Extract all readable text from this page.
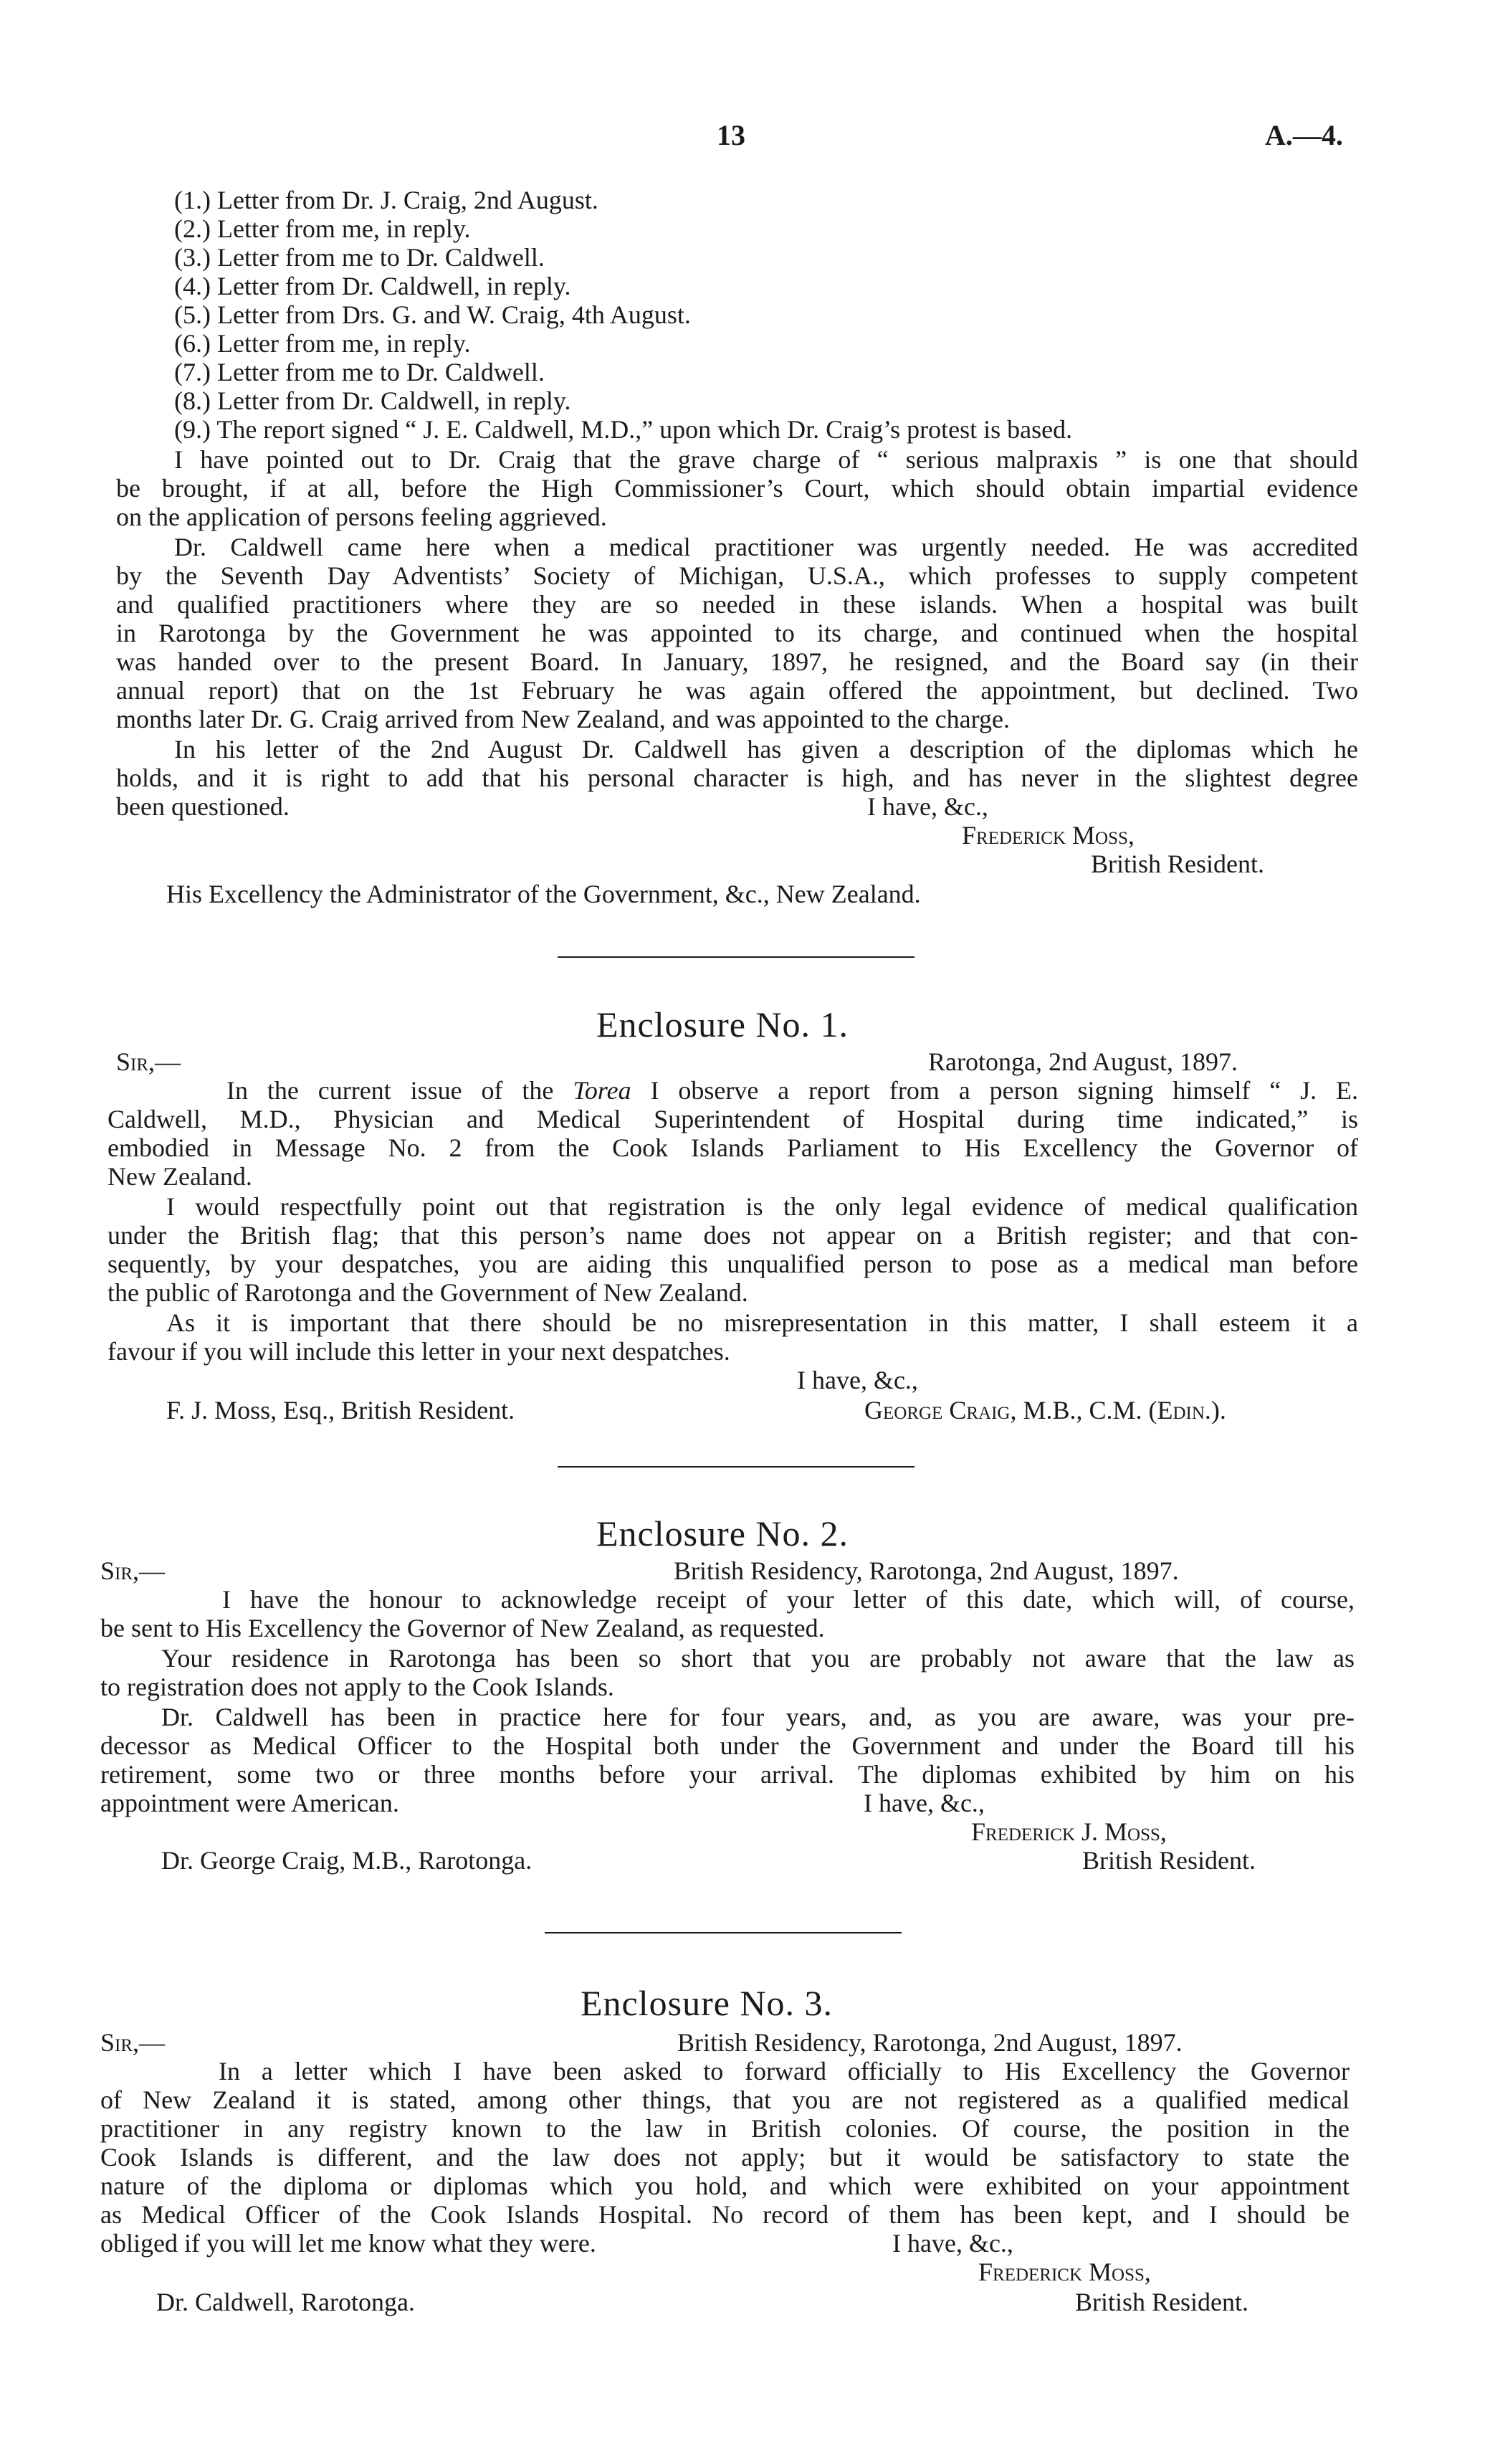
13	A.—4.
(1.) Letter from Dr. J. Craig, 2nd August.
(2.) Letter from me, in reply.
(3.) Letter from me to Dr. Caldwell.
(4.) Letter from Dr. Caldwell, in reply.
(5.) Letter from Drs. G. and W. Craig, 4th August.
(6.) Letter from me, in reply.
(7.) Letter from me to Dr. Caldwell.
(8.) Letter from Dr. Caldwell, in reply.
(9.) The report signed “ J. E. Caldwell, M.D.,” upon which Dr. Craig’s protest is based.
I have pointed out to Dr. Craig that the grave charge of “ serious malpraxis ” is one that should
be brought, if at all, before the High Commissioner’s Court, which should obtain impartial evidence
on the application of persons feeling aggrieved.
Dr. Caldwell came here when a medical practitioner was urgently needed. He was accredited
by the Seventh Day Adventists’ Society of Michigan, U.S.A., which professes to supply competent
and qualified practitioners where they are so needed in these islands. When a hospital was built
in Rarotonga by the Government he was appointed to its charge, and continued when the hospital
was handed over to the present Board. In January, 1897, he resigned, and the Board say (in their
annual report) that on the 1st February he was again offered the appointment, but declined. Two
months later Dr. G. Craig arrived from New Zealand, and was appointed to the charge.
In his letter of the 2nd August Dr. Caldwell has given a description of the diplomas which he
holds, and it is right to add that his personal character is high, and has never in the slightest degree
been questioned.	I have, &c.,
Frederick Moss,
British Resident.
His Excellency the Administrator of the Government, &c., New Zealand.
Enclosure No. 1.
Sir,—	Rarotonga, 2nd August, 1897.
In the current issue of the Torea I observe a report from a person signing himself “ J. E.
Caldwell, M.D., Physician and Medical Superintendent of Hospital during time indicated,” is
embodied in Message No. 2 from the Cook Islands Parliament to His Excellency the Governor of
New Zealand.
I would respectfully point out that registration is the only legal evidence of medical qualification
under the British flag; that this person’s name does not appear on a British register; and that con-
sequently, by your despatches, you are aiding this unqualified person to pose as a medical man before
the public of Rarotonga and the Government of New Zealand.
As it is important that there should be no misrepresentation in this matter, I shall esteem it a
favour if you will include this letter in your next despatches.
I have, &c.,
F. J. Moss, Esq., British Resident.	George Craig, M.B., C.M. (Edin.).
Enclosure No. 2.
Sir,—	British Residency, Rarotonga, 2nd August, 1897.
I have the honour to acknowledge receipt of your letter of this date, which will, of course,
be sent to His Excellency the Governor of New Zealand, as requested.
Your residence in Rarotonga has been so short that you are probably not aware that the law as
to registration does not apply to the Cook Islands.
Dr. Caldwell has been in practice here for four years, and, as you are aware, was your pre-
decessor as Medical Officer to the Hospital both under the Government and under the Board till his
retirement, some two or three months before your arrival. The diplomas exhibited by him on his
appointment were American.	I have, &c.,
Frederick J. Moss,
British Resident.
Dr. George Craig, M.B., Rarotonga.
Enclosure No. 3.
Sir,—	British Residency, Rarotonga, 2nd August, 1897.
In a letter which I have been asked to forward officially to His Excellency the Governor
of New Zealand it is stated, among other things, that you are not registered as a qualified medical
practitioner in any registry known to the law in British colonies. Of course, the position in the
Cook Islands is different, and the law does not apply; but it would be satisfactory to state the
nature of the diploma or diplomas which you hold, and which were exhibited on your appointment
as Medical Officer of the Cook Islands Hospital. No record of them has been kept, and I should be
obliged if you will let me know what they were.	I have, &c.,
Frederick Moss,
British Resident.
Dr. Caldwell, Rarotonga.
